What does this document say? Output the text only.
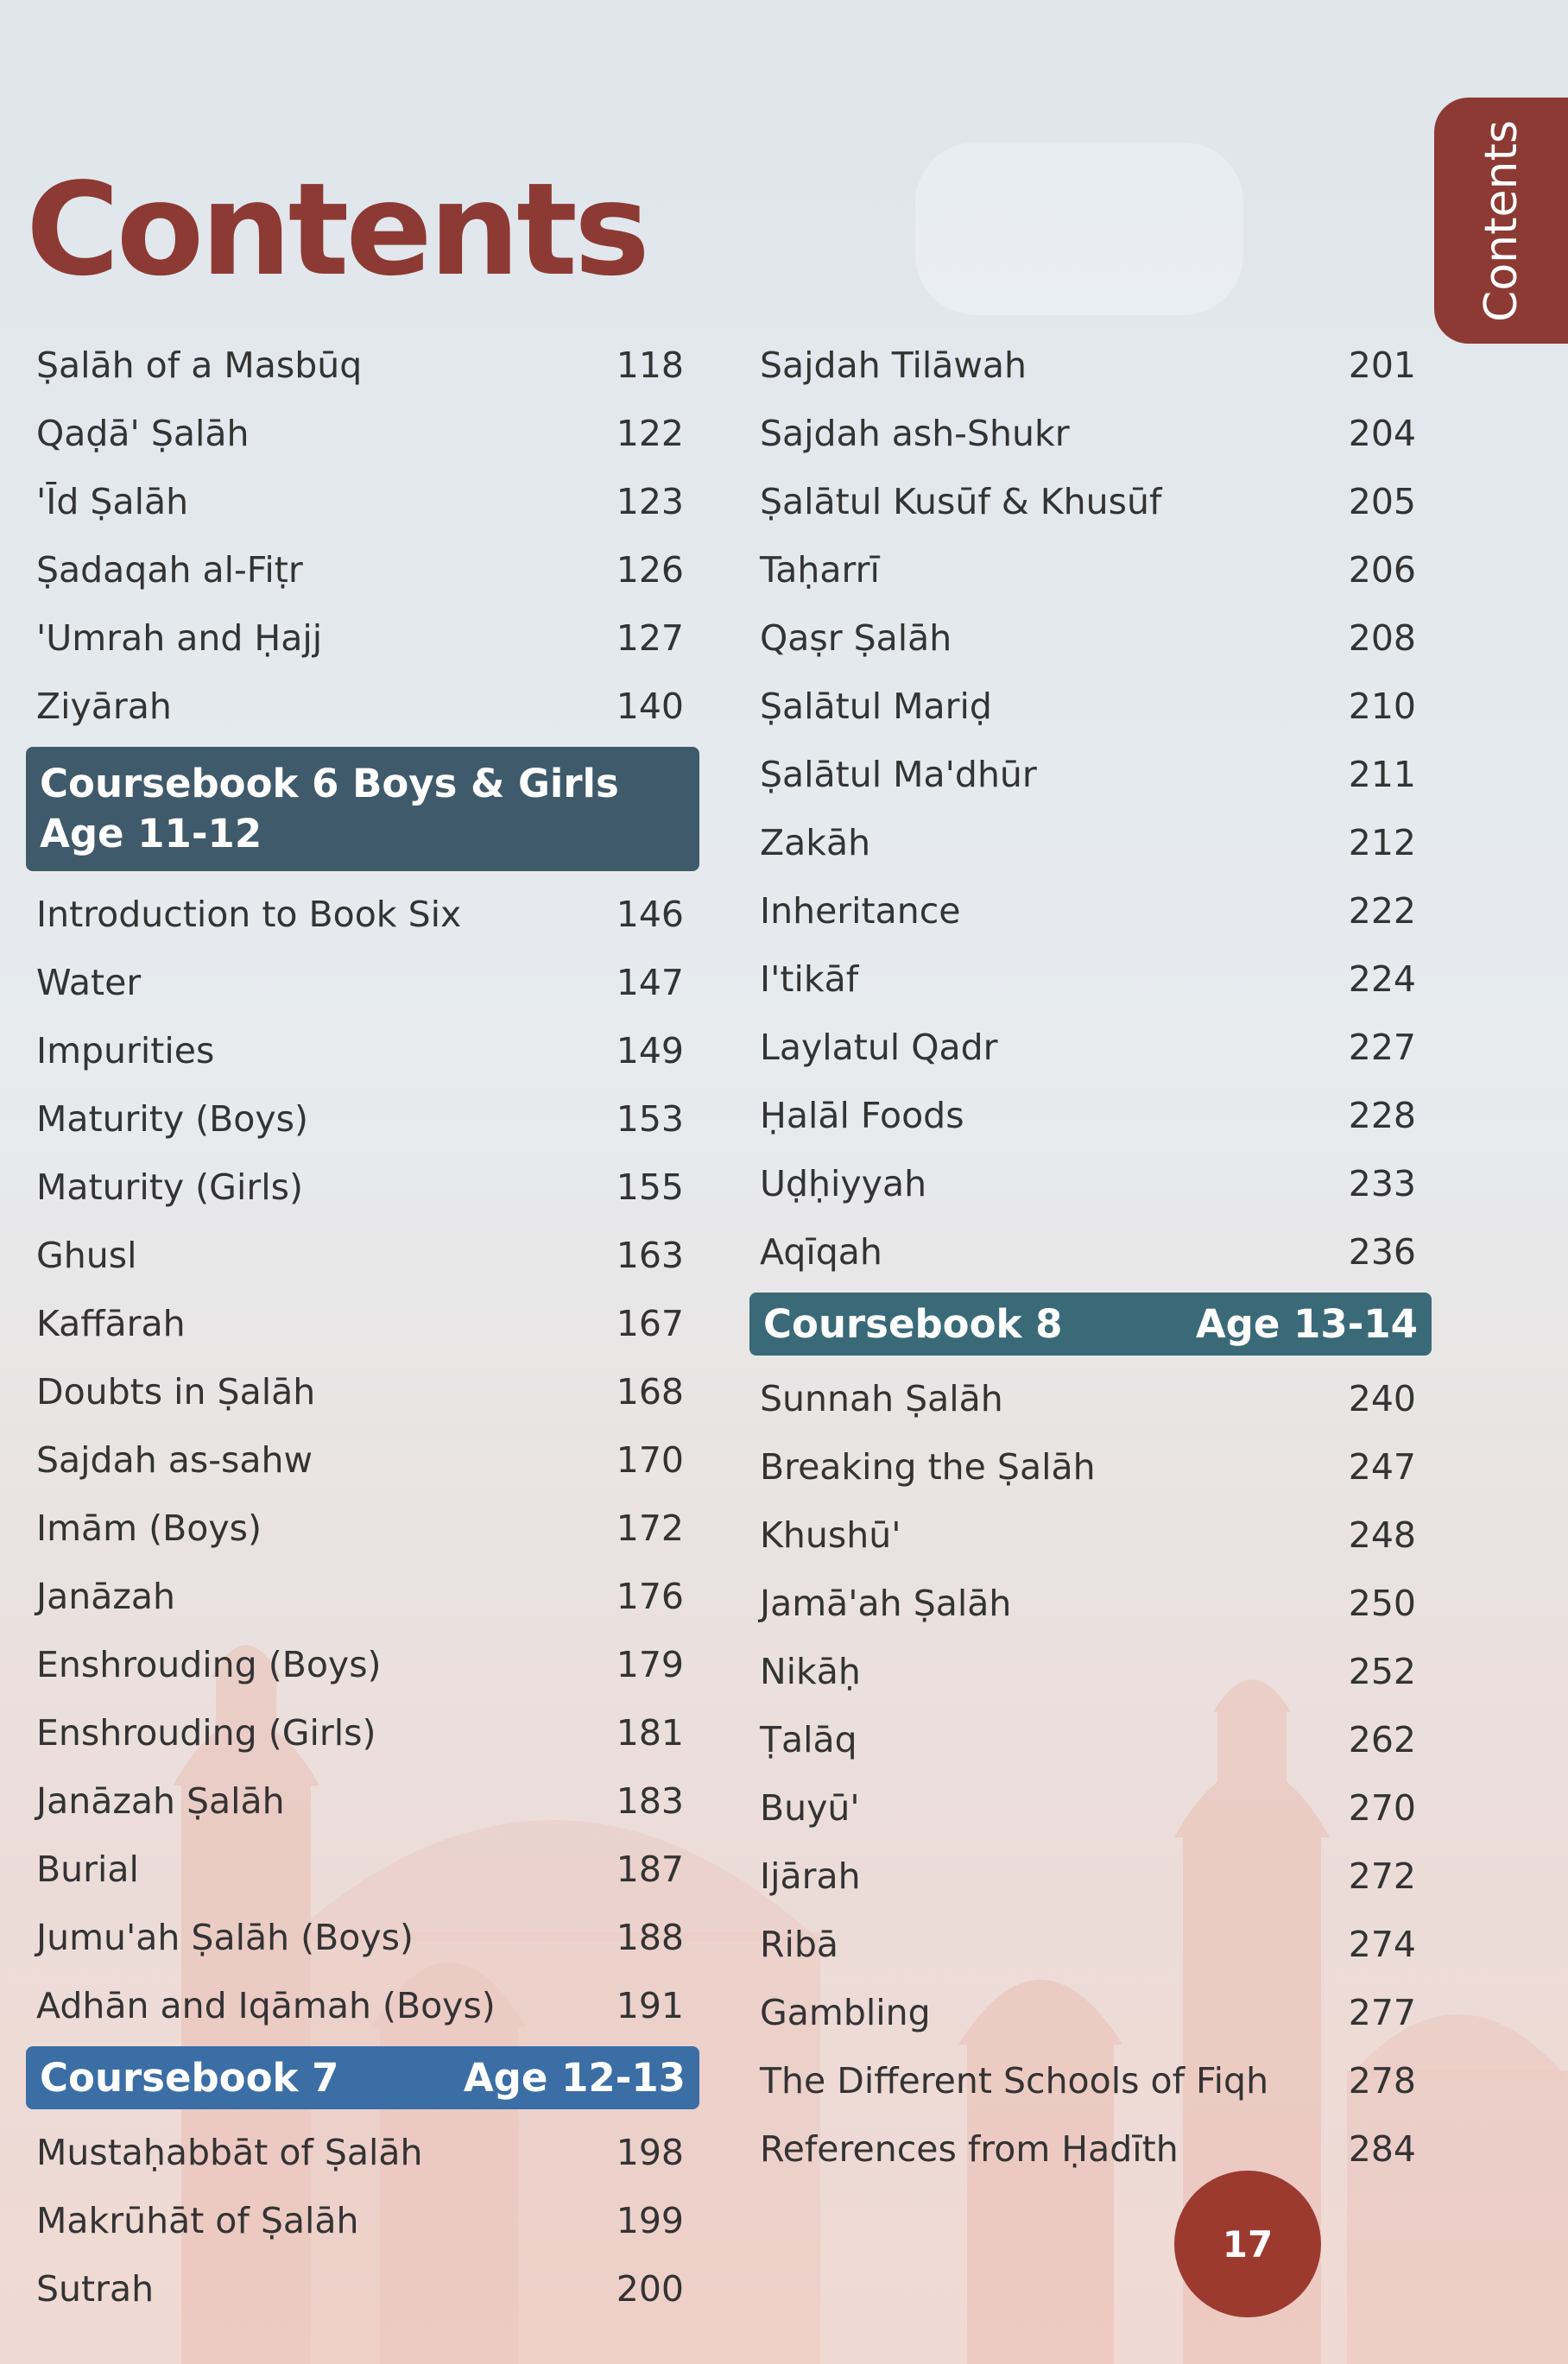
Contents	Contents
Ṣalāh of a Masbūq	118
Qaḍā' Ṣalāh	122
'Īd Ṣalāh	123
Ṣadaqah al-Fiṭr	126
'Umrah and Ḥajj	127
Ziyārah	140
Coursebook 6 Boys & Girls
Age 11-12
Introduction to Book Six	146
Water	147
Impurities	149
Maturity (Boys)	153
Maturity (Girls)	155
Ghusl	163
Kaffārah	167
Doubts in Ṣalāh	168
Sajdah as-sahw	170
Imām (Boys)	172
Janāzah	176
Enshrouding (Boys)	179
Enshrouding (Girls)	181
Janāzah Ṣalāh	183
Burial	187
Jumu'ah Ṣalāh (Boys)	188
Adhān and Iqāmah (Boys)	191
Coursebook 7	Age 12-13
Mustaḥabbāt of Ṣalāh	198
Makrūhāt of Ṣalāh	199
Sutrah	200
Sajdah Tilāwah	201
Sajdah ash-Shukr	204
Ṣalātul Kusūf & Khusūf	205
Taḥarrī	206
Qaṣr Ṣalāh	208
Ṣalātul Mariḍ	210
Ṣalātul Ma'dhūr	211
Zakāh	212
Inheritance	222
I'tikāf	224
Laylatul Qadr	227
Ḥalāl Foods	228
Uḍḥiyyah	233
Aqīqah	236
Coursebook 8	Age 13-14
Sunnah Ṣalāh	240
Breaking the Ṣalāh	247
Khushū'	248
Jamā'ah Ṣalāh	250
Nikāḥ	252
Ṭalāq	262
Buyū'	270
Ijārah	272
Ribā	274
Gambling	277
The Different Schools of Fiqh 278
References from Ḥadīth	284
17
